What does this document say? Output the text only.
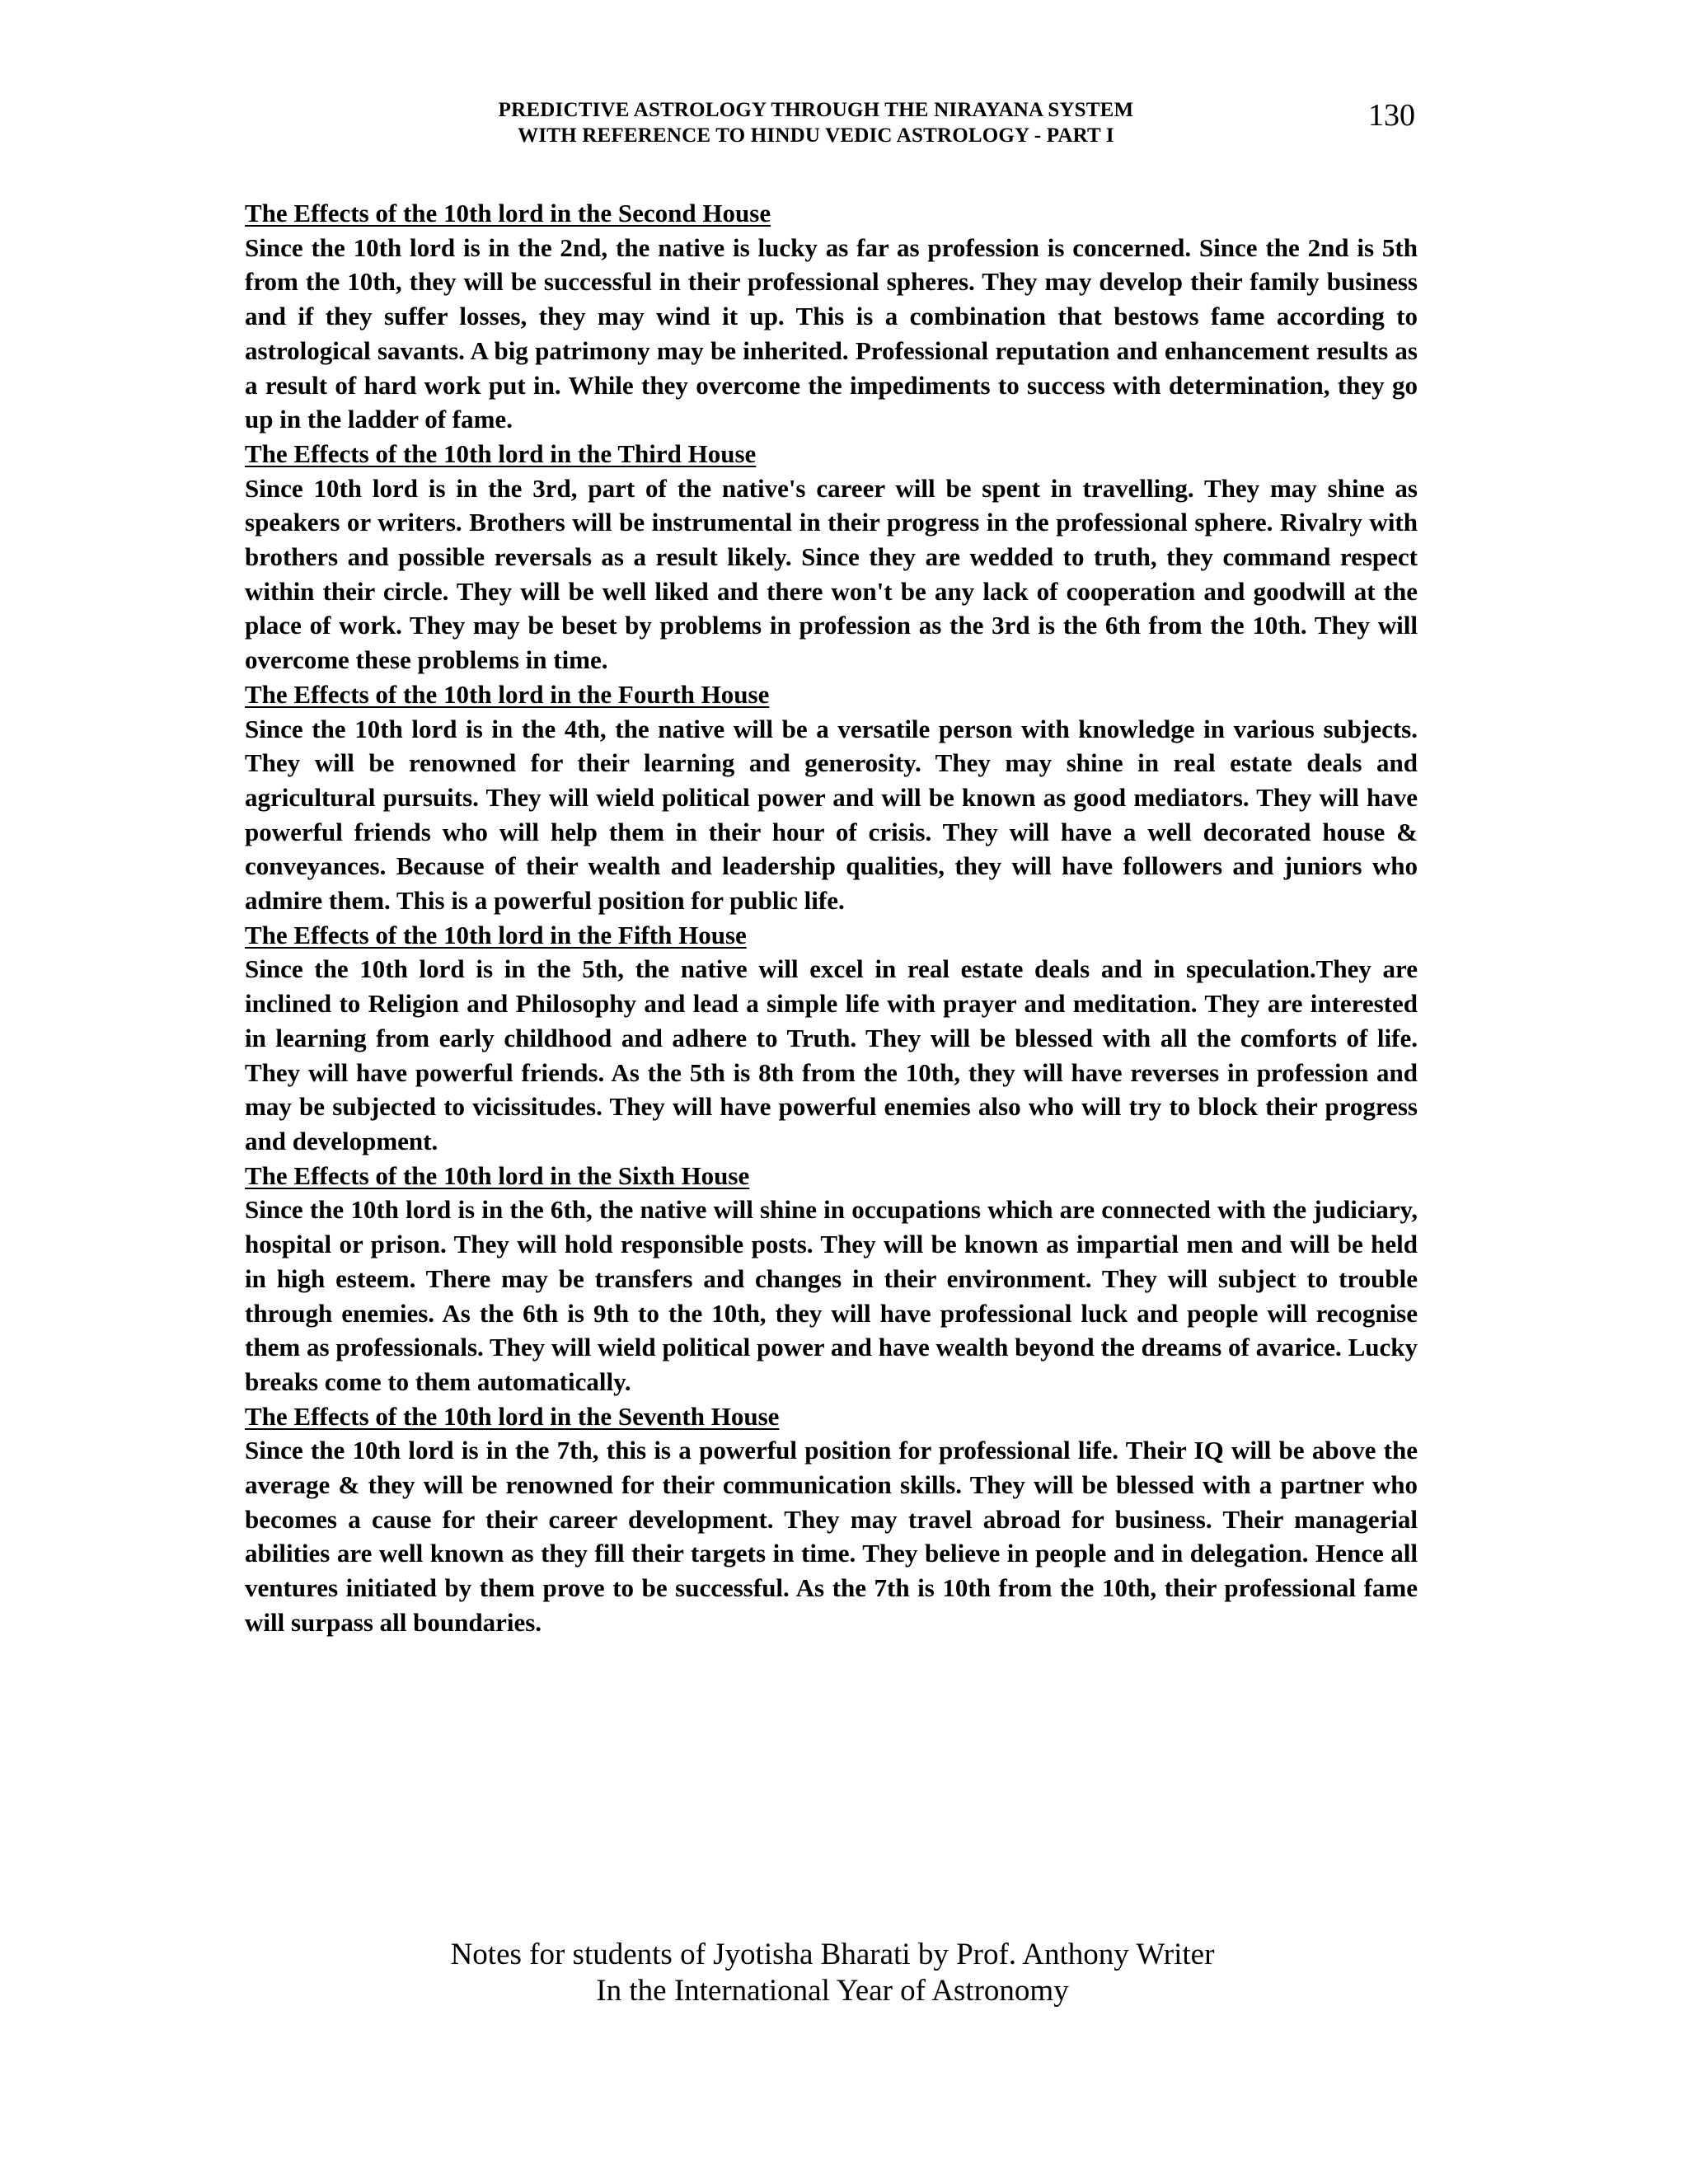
PREDICTIVE ASTROLOGY THROUGH THE NIRAYANA SYSTEM
WITH REFERENCE TO HINDU VEDIC ASTROLOGY - PART I
130
The Effects of the 10th lord in the Second House

Since the 10th lord is in the 2nd, the native is lucky as far as profession is concerned. Since the 2nd is 5th from the 10th, they will be successful in their professional spheres. They may develop their family business and if they suffer losses, they may wind it up. This is a combination that bestows fame according to astrological savants. A big patrimony may be inherited. Professional reputation and enhancement results as a result of hard work put in. While they overcome the impediments to success with determination, they go up in the ladder of fame.

The Effects of the 10th lord in the Third House

Since 10th lord is in the 3rd, part of the native's career will be spent in travelling. They may shine as speakers or writers. Brothers will be instrumental in their progress in the professional sphere. Rivalry with brothers and possible reversals as a result likely. Since they are wedded to truth, they command respect within their circle. They will be well liked and there won't be any lack of cooperation and goodwill at the place of work. They may be beset by problems in profession as the 3rd is the 6th from the 10th. They will overcome these problems in time.

The Effects of the 10th lord in the Fourth House

Since the 10th lord is in the 4th, the native will be a versatile person with knowledge in various subjects. They will be renowned for their learning and generosity. They may shine in real estate deals and agricultural pursuits. They will wield political power and will be known as good mediators. They will have powerful friends who will help them in their hour of crisis. They will have a well decorated house & conveyances. Because of their wealth and leadership qualities, they will have followers and juniors who admire them. This is a powerful position for public life.

The Effects of the 10th lord in the Fifth House

Since the 10th lord is in the 5th, the native will excel in real estate deals and in speculation.They are inclined to Religion and Philosophy and lead a simple life with prayer and meditation. They are interested in learning from early childhood and adhere to Truth. They will be blessed with all the comforts of life. They will have powerful friends. As the 5th is 8th from the 10th, they will have reverses in profession and may be subjected to vicissitudes. They will have powerful enemies also who will try to block their progress and development.

The Effects of the 10th lord in the Sixth House

Since the 10th lord is in the 6th, the native will shine in occupations which are connected with the judiciary, hospital or prison. They will hold responsible posts. They will be known as impartial men and will be held in high esteem. There may be transfers and changes in their environment. They will subject to trouble through enemies. As the 6th is 9th to the 10th, they will have professional luck and people will recognise them as professionals. They will wield political power and have wealth beyond the dreams of avarice. Lucky breaks come to them automatically.

The Effects of the 10th lord in the Seventh House

Since the 10th lord is in the 7th, this is a powerful position for professional life. Their IQ will be above the average & they will be renowned for their communication skills. They will be blessed with a partner who becomes a cause for their career development. They may travel abroad for business. Their managerial abilities are well known as they fill their targets in time. They believe in people and in delegation. Hence all ventures initiated by them prove to be successful. As the 7th is 10th from the 10th, their professional fame will surpass all boundaries.

Notes for students of Jyotisha Bharati by Prof. Anthony Writer
In the International Year of Astronomy
